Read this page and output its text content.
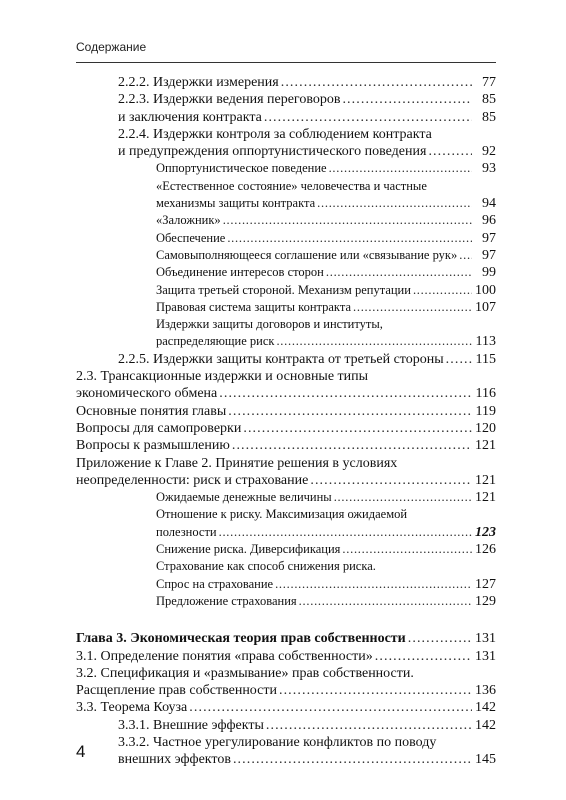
Содержание
2.2.2. Издержки измерения . . .	77
2.2.3. Издержки ведения переговоров . . .	85
и заключения контракта . . .	85
2.2.4. Издержки контроля за соблюдением контракта
и предупреждения оппортунистического поведения . . .	92
Оппортунистическое поведение . . .	93
«Естественное состояние» человечества и частные
механизмы защиты контракта . . .	94
«Заложник» . . .	96
Обеспечение . . .	97
Самовыполняющееся соглашение или «связывание рук» . . .	97
Объединение интересов сторон . . .	99
Защита третьей стороной. Механизм репутации . . .	100
Правовая система защиты контракта . . .	107
Издержки защиты договоров и институты,
распределяющие риск . . .	113
2.2.5. Издержки защиты контракта от третьей стороны . . . 115
2.3. Трансакционные издержки и основные типы
экономического обмена . . .	116
Основные понятия главы . . .	119
Вопросы для самопроверки . . .	120
Вопросы к размышлению . . .	121
Приложение к Главе 2. Принятие решения в условиях
неопределенности: риск и страхование . . .	121
Ожидаемые денежные величины . . .	121
Отношение к риску. Максимизация ожидаемой
полезности . . .	123
Снижение риска. Диверсификация . . .	126
Страхование как способ снижения риска.
Спрос на страхование . . .	127
Предложение страхования . . .	129
Глава 3. Экономическая теория прав собственности . . .	131
3.1. Определение понятия «права собственности» . . .	131
3.2. Спецификация и «размывание» прав собственности.
Расщепление прав собственности . . .	136
3.3. Теорема Коуза . . .	142
3.3.1. Внешние эффекты . . .	142
3.3.2. Частное урегулирование конфликтов по поводу
внешних эффектов . . .	145
4
